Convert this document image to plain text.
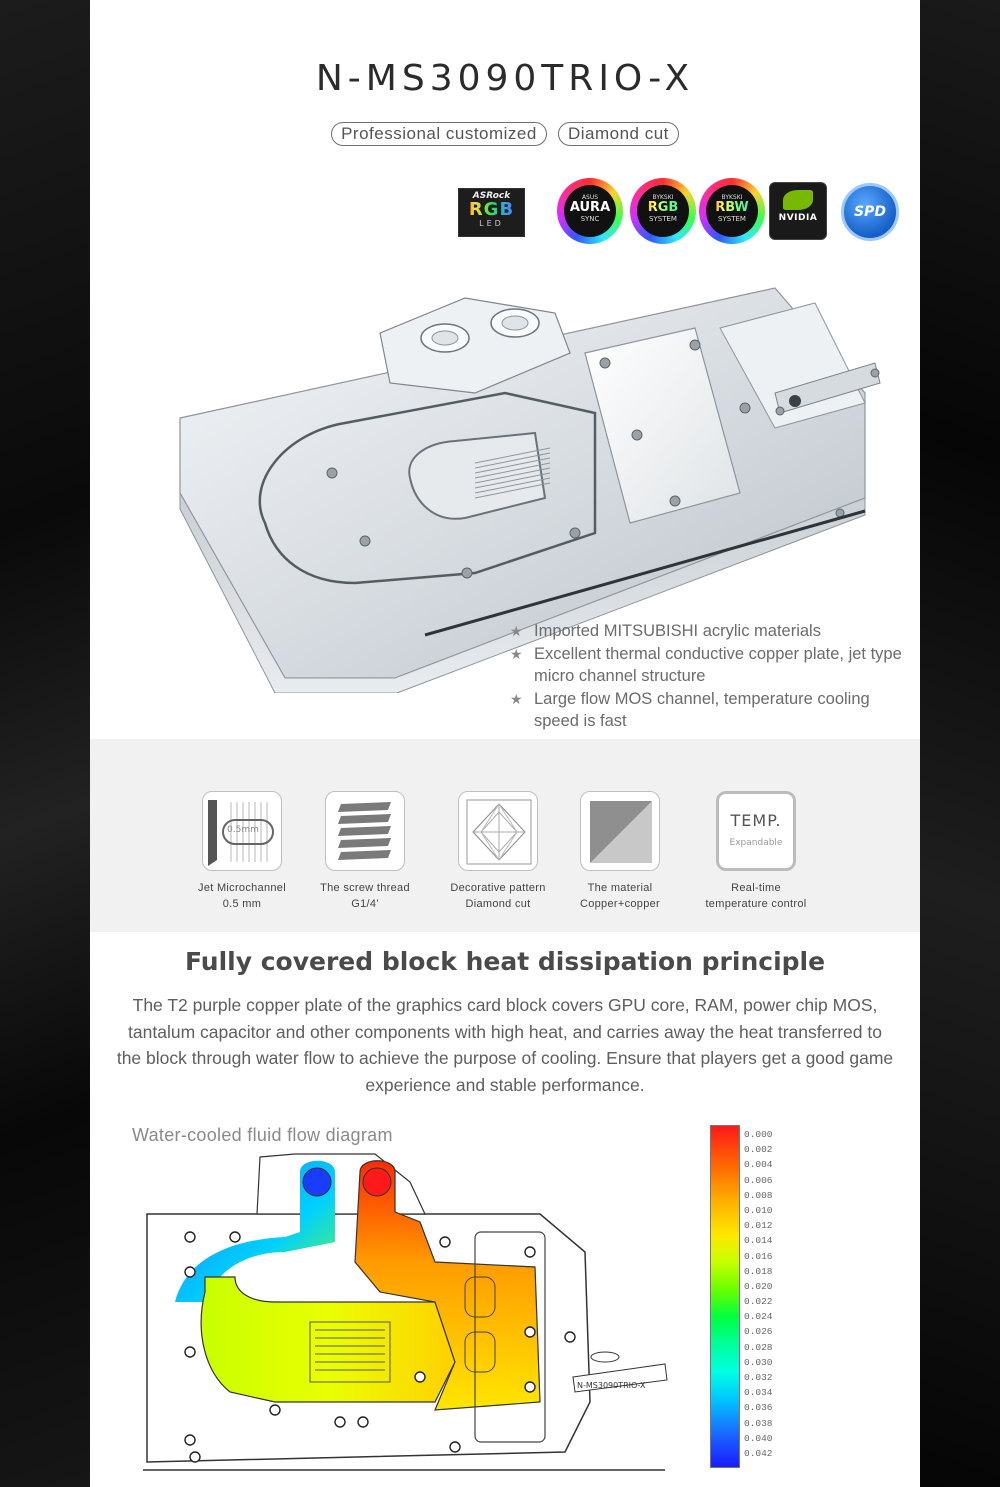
N-MS3090TRIO-X
Professional customized Diamond cut
ASRock
RGB
LED
ASUS
AURA
SYNC
BYKSKI
RGB
SYSTEM
BYKSKI
RBW
SYSTEM	NVIDIA	SPD
★ Imported MITSUBISHI acrylic materials
★ Excellent thermal conductive copper plate, jet type micro channel structure
★ Large flow MOS channel, temperature cooling speed is fast
0.5mm
Jet Microchannel
0.5 mm
The screw thread
G1/4'
Decorative pattern
Diamond cut
The material
Copper+copper
TEMP.
Expandable
Real-time
temperature control
Fully covered block heat dissipation principle

The T2 purple copper plate of the graphics card block covers GPU core, RAM, power chip MOS, tantalum capacitor and other components with high heat, and carries away the heat transferred to the block through water flow to achieve the purpose of cooling. Ensure that players get a good game experience and stable performance.

Water-cooled fluid flow diagram
N-MS3090TRIO-X
0.000
0.002
0.004
0.006
0.008
0.010
0.012
0.014
0.016
0.018
0.020
0.022
0.024
0.026
0.028
0.030
0.032
0.034
0.036
0.038
0.040
0.042
